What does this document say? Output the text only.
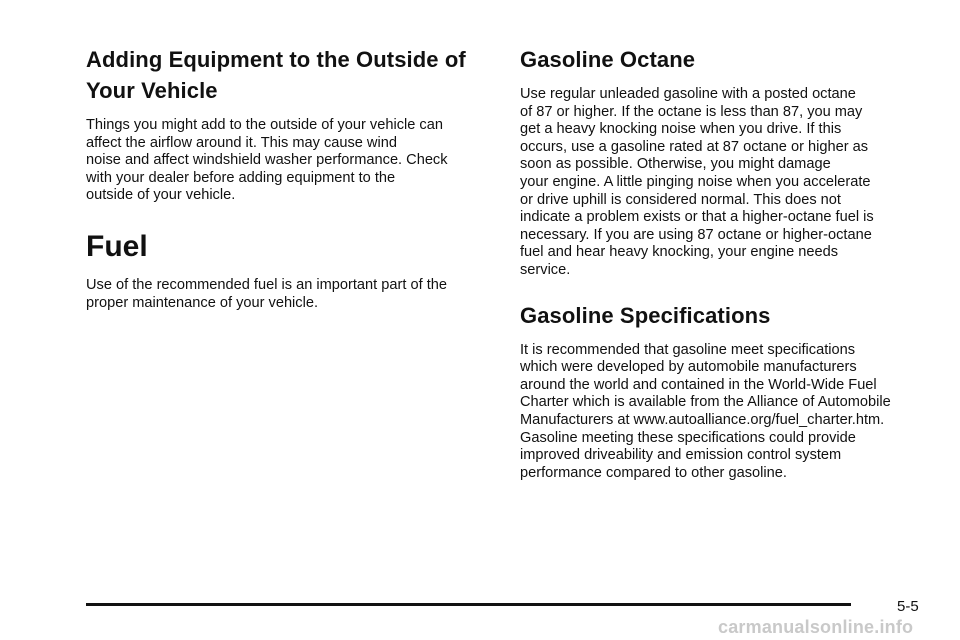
Adding Equipment to the Outside of
Your Vehicle

Things you might add to the outside of your vehicle can
affect the airflow around it. This may cause wind
noise and affect windshield washer performance. Check
with your dealer before adding equipment to the
outside of your vehicle.

Fuel

Use of the recommended fuel is an important part of the
proper maintenance of your vehicle.

Gasoline Octane

Use regular unleaded gasoline with a posted octane
of 87 or higher. If the octane is less than 87, you may
get a heavy knocking noise when you drive. If this
occurs, use a gasoline rated at 87 octane or higher as
soon as possible. Otherwise, you might damage
your engine. A little pinging noise when you accelerate
or drive uphill is considered normal. This does not
indicate a problem exists or that a higher-octane fuel is
necessary. If you are using 87 octane or higher-octane
fuel and hear heavy knocking, your engine needs
service.

Gasoline Specifications

It is recommended that gasoline meet specifications
which were developed by automobile manufacturers
around the world and contained in the World-Wide Fuel
Charter which is available from the Alliance of Automobile
Manufacturers at www.autoalliance.org/fuel_charter.htm.
Gasoline meeting these specifications could provide
improved driveability and emission control system
performance compared to other gasoline.

5-5
carmanualsonline.info
